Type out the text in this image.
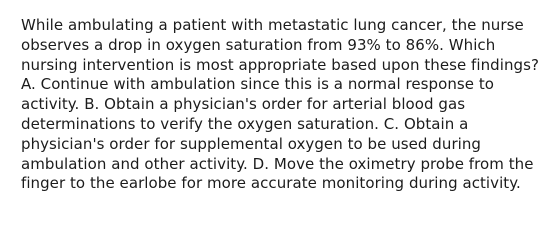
While ambulating a patient with metastatic lung cancer, the nurse observes a drop in oxygen saturation from 93% to 86%. Which nursing intervention is most appropriate based upon these findings? A. Continue with ambulation since this is a normal response to activity. B. Obtain a physician's order for arterial blood gas determinations to verify the oxygen saturation. C. Obtain a physician's order for supplemental oxygen to be used during ambulation and other activity. D. Move the oximetry probe from the finger to the earlobe for more accurate monitoring during activity.
